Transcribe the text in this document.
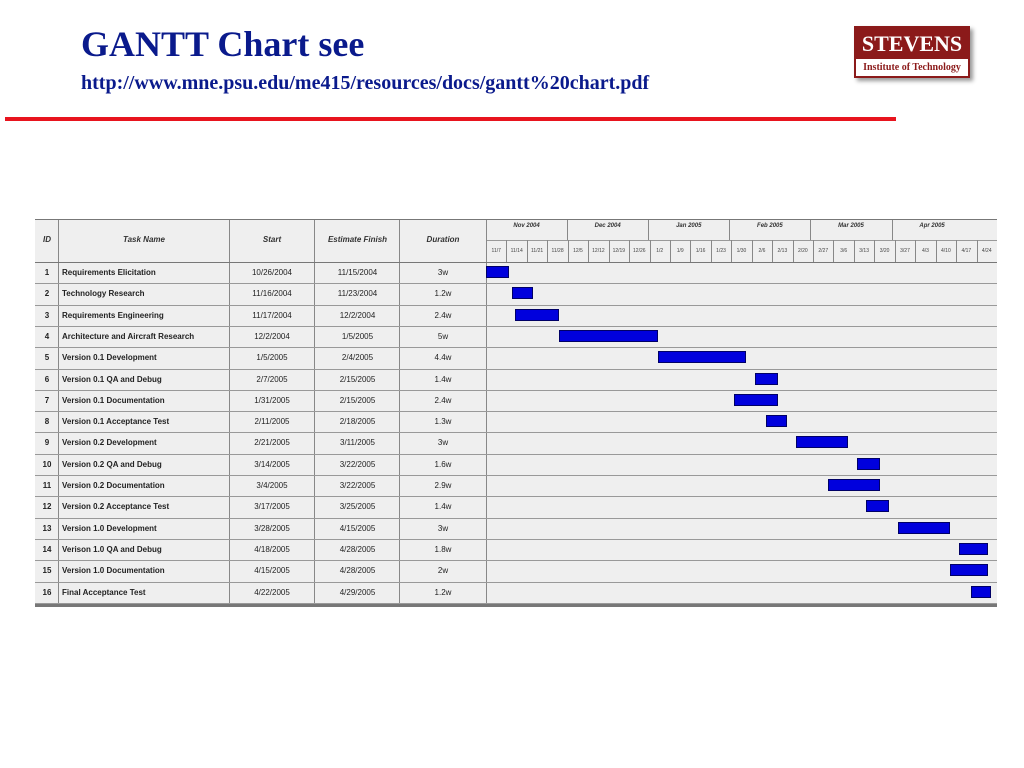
GANTT Chart see
http://www.mne.psu.edu/me415/resources/docs/gantt%20chart.pdf
STEVENS
Institute of Technology
ID	Task Name	Start	Estimate Finish	Duration
Nov 2004	Dec 2004	Jan 2005	Feb 2005	Mar 2005	Apr 2005
11/7	11/14	11/21	11/28	12/5	12/12	12/19	12/26	1/2	1/9	1/16	1/23	1/30	2/6	2/13	2/20	2/27	3/6	3/13	3/20	3/27	4/3	4/10	4/17	4/24
1	Requirements Elicitation	10/26/2004	11/15/2004	3w
2	Technology Research	11/16/2004	11/23/2004	1.2w
3	Requirements Engineering	11/17/2004	12/2/2004	2.4w
4	Architecture and Aircraft Research	12/2/2004	1/5/2005	5w
5	Version 0.1 Development	1/5/2005	2/4/2005	4.4w
6	Version 0.1 QA and Debug	2/7/2005	2/15/2005	1.4w
7	Version 0.1 Documentation	1/31/2005	2/15/2005	2.4w
8	Version 0.1 Acceptance Test	2/11/2005	2/18/2005	1.3w
9	Version 0.2 Development	2/21/2005	3/11/2005	3w
10	Version 0.2 QA and Debug	3/14/2005	3/22/2005	1.6w
11	Version 0.2 Documentation	3/4/2005	3/22/2005	2.9w
12	Version 0.2 Acceptance Test	3/17/2005	3/25/2005	1.4w
13	Version 1.0 Development	3/28/2005	4/15/2005	3w
14	Verison 1.0 QA and Debug	4/18/2005	4/28/2005	1.8w
15	Version 1.0 Documentation	4/15/2005	4/28/2005	2w
16	Final Acceptance Test	4/22/2005	4/29/2005	1.2w
